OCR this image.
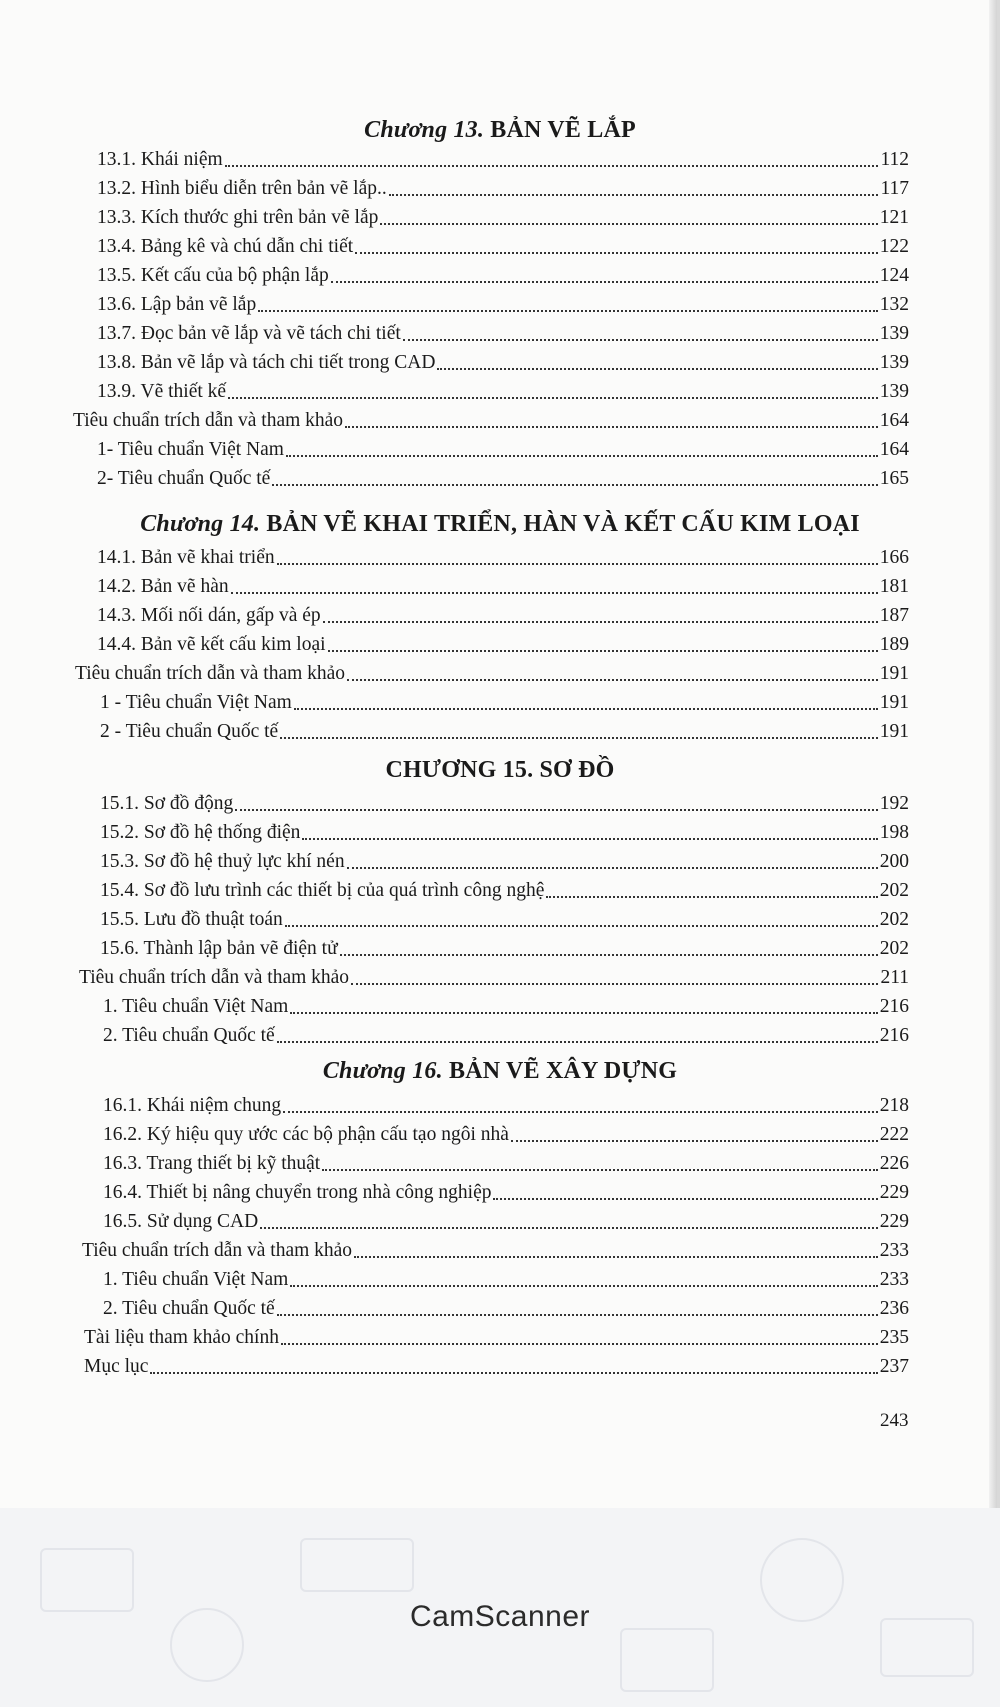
Chương 13. BẢN VẼ LẮP
13.1. Khái niệm	112
13.2. Hình biểu diễn trên bản vẽ lắp..	117
13.3. Kích thước ghi trên bản vẽ lắp	121
13.4. Bảng kê và chú dẫn chi tiết	122
13.5. Kết cấu của bộ phận lắp	124
13.6. Lập bản vẽ lắp	132
13.7. Đọc bản vẽ lắp và vẽ tách chi tiết	139
13.8. Bản vẽ lắp và tách chi tiết trong CAD	139
13.9. Vẽ thiết kế	139
Tiêu chuẩn trích dẫn và tham khảo	164
1- Tiêu chuẩn Việt Nam	164
2- Tiêu chuẩn Quốc tế	165
Chương 14. BẢN VẼ KHAI TRIỂN, HÀN VÀ KẾT CẤU KIM LOẠI
14.1. Bản vẽ khai triển	166
14.2. Bản vẽ hàn	181
14.3. Mối nối dán, gấp và ép	187
14.4. Bản vẽ kết cấu kim loại	189
Tiêu chuẩn trích dẫn và tham khảo	191
1 - Tiêu chuẩn Việt Nam	191
2 - Tiêu chuẩn Quốc tế	191
CHƯƠNG 15. SƠ ĐỒ
15.1. Sơ đồ động	192
15.2. Sơ đồ hệ thống điện	198
15.3. Sơ đồ hệ thuỷ lực khí nén	200
15.4. Sơ đồ lưu trình các thiết bị của quá trình công nghệ	202
15.5. Lưu đồ thuật toán	202
15.6. Thành lập bản vẽ điện tử	202
Tiêu chuẩn trích dẫn và tham khảo	211
1. Tiêu chuẩn Việt Nam	216
2. Tiêu chuẩn Quốc tế	216
Chương 16. BẢN VẼ XÂY DỰNG
16.1. Khái niệm chung	218
16.2. Ký hiệu quy ước các bộ phận cấu tạo ngôi nhà	222
16.3. Trang thiết bị kỹ thuật	226
16.4. Thiết bị nâng chuyển trong nhà công nghiệp	229
16.5. Sử dụng CAD	229
Tiêu chuẩn trích dẫn và tham khảo	233
1. Tiêu chuẩn Việt Nam	233
2. Tiêu chuẩn Quốc tế	236
Tài liệu tham khảo chính	235
Mục lục	237
243
CamScanner
